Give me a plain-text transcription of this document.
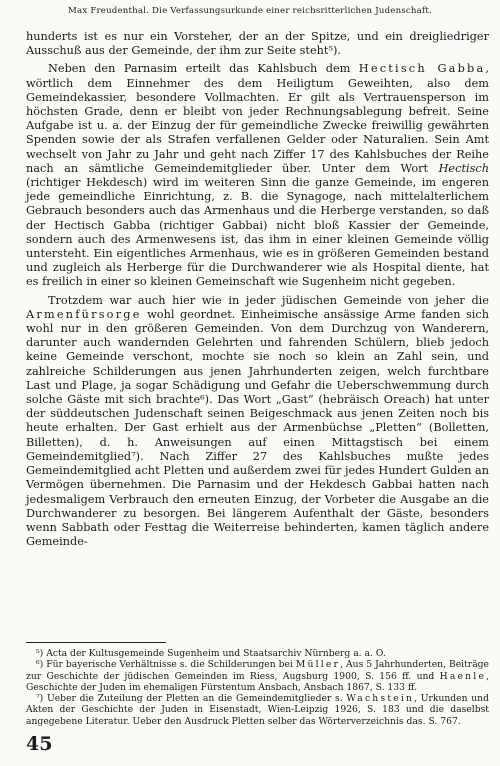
Max Freudenthal. Die Verfassungsurkunde einer reichsritterlichen Judenschaft.

hunderts ist es nur ein Vorsteher, der an der Spitze, und ein dreigliedriger Ausschuß aus der Gemeinde, der ihm zur Seite steht⁵).

Neben den Parnasim erteilt das Kahlsbuch dem Hectisch Gabba, wörtlich dem Einnehmer des dem Heiligtum Geweihten, also dem Gemeindekassier, besondere Vollmachten. Er gilt als Vertrauensperson im höchsten Grade, denn er bleibt von jeder Rechnungsablegung befreit. Seine Aufgabe ist u. a. der Einzug der für gemeindliche Zwecke freiwillig gewährten Spenden sowie der als Strafen verfallenen Gelder oder Naturalien. Sein Amt wechselt von Jahr zu Jahr und geht nach Ziffer 17 des Kahlsbuches der Reihe nach an sämtliche Gemeindemitglieder über. Unter dem Wort Hectisch (richtiger Hekdesch) wird im weiteren Sinn die ganze Gemeinde, im engeren jede gemeindliche Einrichtung, z. B. die Synagoge, nach mittelalterlichem Gebrauch besonders auch das Armenhaus und die Herberge verstanden, so daß der Hectisch Gabba (richtiger Gabbai) nicht bloß Kassier der Gemeinde, sondern auch des Armenwesens ist, das ihm in einer kleinen Gemeinde völlig untersteht. Ein eigentliches Armenhaus, wie es in größeren Gemeinden bestand und zugleich als Herberge für die Durchwanderer wie als Hospital diente, hat es freilich in einer so kleinen Gemeinschaft wie Sugenheim nicht gegeben.

Trotzdem war auch hier wie in jeder jüdischen Gemeinde von jeher die Armenfürsorge wohl geordnet. Einheimische ansässige Arme fanden sich wohl nur in den größeren Gemeinden. Von dem Durchzug von Wanderern, darunter auch wandernden Gelehrten und fahrenden Schülern, blieb jedoch keine Gemeinde verschont, mochte sie noch so klein an Zahl sein, und zahlreiche Schilderungen aus jenen Jahrhunderten zeigen, welch furchtbare Last und Plage, ja sogar Schädigung und Gefahr die Ueberschwemmung durch solche Gäste mit sich brachte⁶). Das Wort „Gast“ (hebräisch Oreach) hat unter der süddeutschen Judenschaft seinen Beigeschmack aus jenen Zeiten noch bis heute erhalten. Der Gast erhielt aus der Armenbüchse „Pletten“ (Bolletten, Billetten), d. h. Anweisungen auf einen Mittagstisch bei einem Gemeindemitglied⁷). Nach Ziffer 27 des Kahlsbuches mußte jedes Gemeindemitglied acht Pletten und außerdem zwei für jedes Hundert Gulden an Vermögen übernehmen. Die Parnasim und der Hekdesch Gabbai hatten nach jedesmaligem Verbrauch den erneuten Einzug, der Vorbeter die Ausgabe an die Durchwanderer zu besorgen. Bei längerem Aufenthalt der Gäste, besonders wenn Sabbath oder Festtag die Weiterreise behinderten, kamen täglich andere Gemeinde-

⁵) Acta der Kultusgemeinde Sugenheim und Staatsarchiv Nürnberg a. a. O.

⁶) Für bayerische Verhältnisse s. die Schilderungen bei Müller, Aus 5 Jahrhunderten, Beiträge zur Geschichte der jüdischen Gemeinden im Riess, Augsburg 1900, S. 156 ff. und Haenle, Geschichte der Juden im ehemaligen Fürstentum Ansbach, Ansbach 1867, S. 133 ff.

⁷) Ueber die Zuteilung der Pletten an die Gemeindemitglieder s. Wachstein, Urkunden und Akten der Geschichte der Juden in Eisenstadt, Wien-Leipzig 1926, S. 183 und die daselbst angegebene Literatur. Ueber den Ausdruck Pletten selber das Wörterverzeichnis das. S. 767.

45
